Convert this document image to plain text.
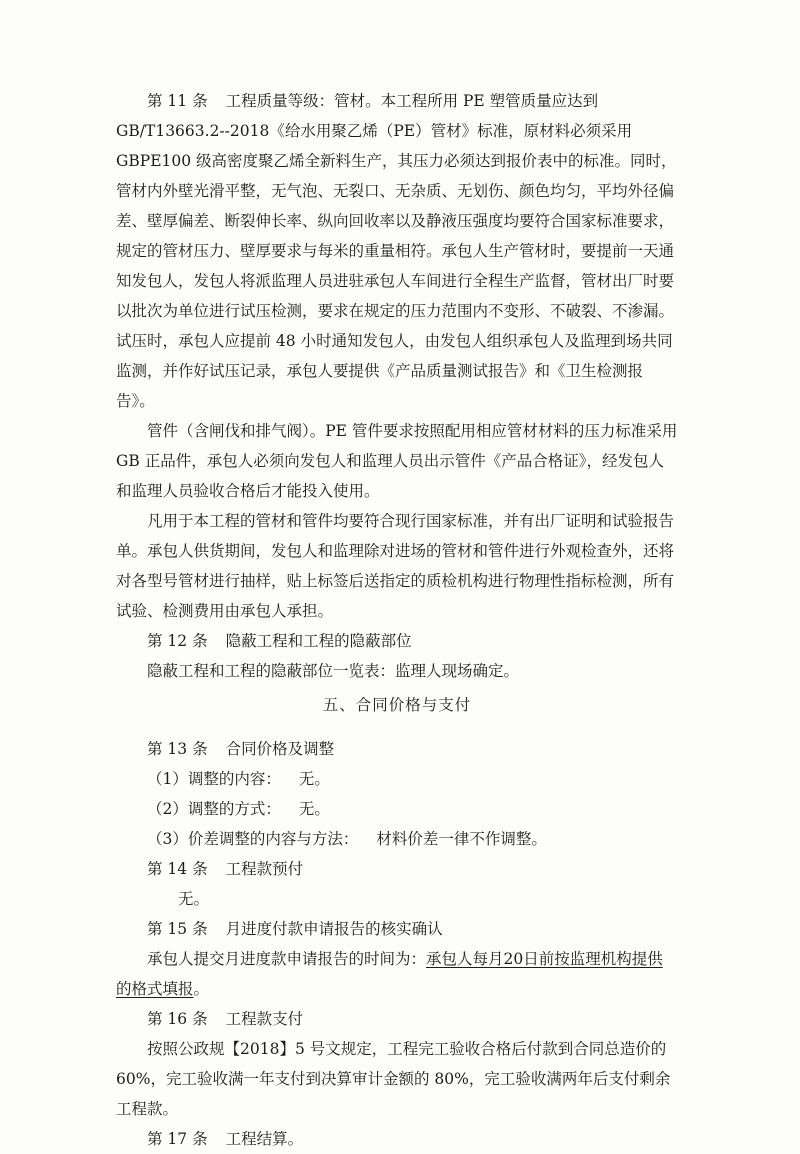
第 11 条 工程质量等级：管材。本工程所用 PE 塑管质量应达到 GB/T13663.2--2018《给水用聚乙烯（PE）管材》标准，原材料必须采用 GBPE100 级高密度聚乙烯全新料生产，其压力必须达到报价表中的标准。同时，管材内外壁光滑平整，无气泡、无裂口、无杂质、无划伤、颜色均匀，平均外径偏差、壁厚偏差、断裂伸长率、纵向回收率以及静液压强度均要符合国家标准要求，规定的管材压力、壁厚要求与每米的重量相符。承包人生产管材时，要提前一天通知发包人，发包人将派监理人员进驻承包人车间进行全程生产监督，管材出厂时要以批次为单位进行试压检测，要求在规定的压力范围内不变形、不破裂、不渗漏。试压时，承包人应提前 48 小时通知发包人，由发包人组织承包人及监理到场共同监测，并作好试压记录，承包人要提供《产品质量测试报告》和《卫生检测报告》。

管件（含闸伐和排气阀）。PE 管件要求按照配用相应管材材料的压力标准采用 GB 正品件，承包人必须向发包人和监理人员出示管件《产品合格证》，经发包人和监理人员验收合格后才能投入使用。

凡用于本工程的管材和管件均要符合现行国家标准，并有出厂证明和试验报告单。承包人供货期间，发包人和监理除对进场的管材和管件进行外观检查外，还将对各型号管材进行抽样，贴上标签后送指定的质检机构进行物理性指标检测，所有试验、检测费用由承包人承担。

第 12 条 隐蔽工程和工程的隐蔽部位

隐蔽工程和工程的隐蔽部位一览表：监理人现场确定。

五、合同价格与支付

第 13 条 合同价格及调整

（1）调整的内容： 无。

（2）调整的方式： 无。

（3）价差调整的内容与方法： 材料价差一律不作调整。

第 14 条 工程款预付

无。

第 15 条 月进度付款申请报告的核实确认

承包人提交月进度款申请报告的时间为：承包人每月20日前按监理机构提供的格式填报。

第 16 条 工程款支付

按照公政规【2018】5 号文规定，工程完工验收合格后付款到合同总造价的 60%，完工验收满一年支付到决算审计金额的 80%，完工验收满两年后支付剩余工程款。

第 17 条 工程结算。
